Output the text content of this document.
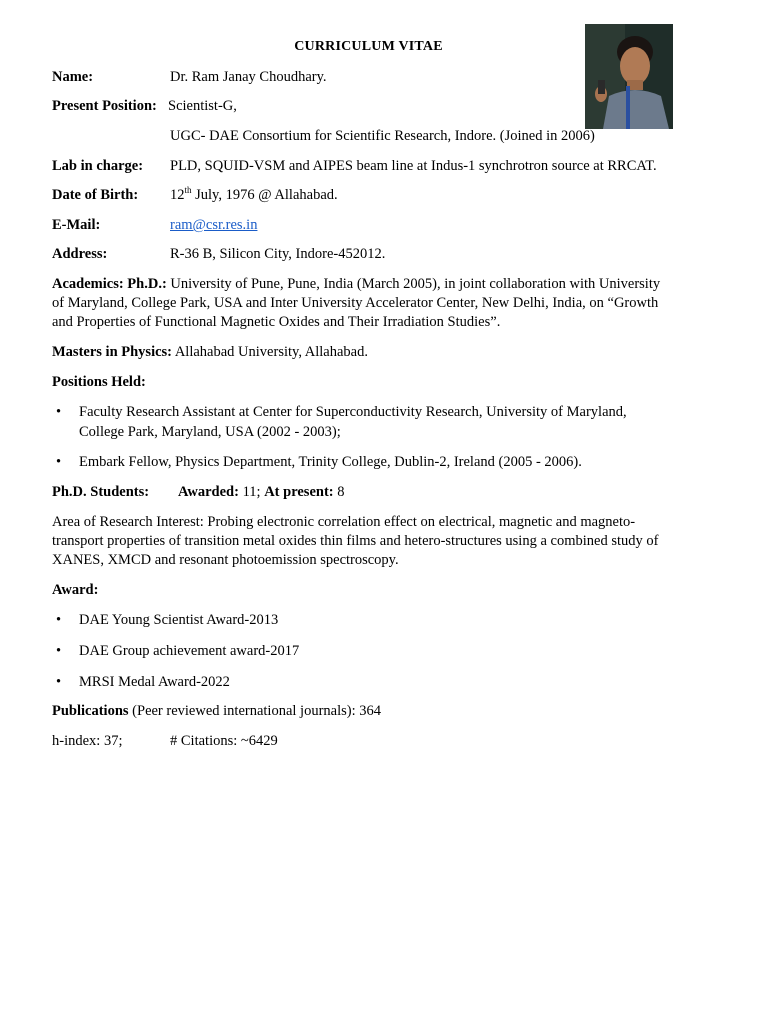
CURRICULUM VITAE
Name:	Dr. Ram Janay Choudhary.
Present Position: Scientist-G,
UGC- DAE Consortium for Scientific Research, Indore. (Joined in 2006)
Lab in charge: PLD, SQUID-VSM and AIPES beam line at Indus-1 synchrotron source at RRCAT.
Date of Birth: 12th July, 1976 @ Allahabad.
E-Mail:	ram@csr.res.in
Address:	R-36 B, Silicon City, Indore-452012.
Academics: Ph.D.: University of Pune, Pune, India (March 2005), in joint collaboration with University
of Maryland, College Park, USA and Inter University Accelerator Center, New Delhi, India, on “Growth
and Properties of Functional Magnetic Oxides and Their Irradiation Studies”.
Masters in Physics: Allahabad University, Allahabad.
Positions Held:
• Faculty Research Assistant at Center for Superconductivity Research, University of Maryland,
College Park, Maryland, USA (2002 - 2003);
• Embark Fellow, Physics Department, Trinity College, Dublin-2, Ireland (2005 - 2006).
Ph.D. Students: Awarded: 11; At present: 8
Area of Research Interest: Probing electronic correlation effect on electrical, magnetic and magneto-
transport properties of transition metal oxides thin films and hetero-structures using a combined study of
XANES, XMCD and resonant photoemission spectroscopy.
Award:
• DAE Young Scientist Award-2013
• DAE Group achievement award-2017
• MRSI Medal Award-2022
Publications (Peer reviewed international journals): 364
h-index: 37;	# Citations: ~6429
